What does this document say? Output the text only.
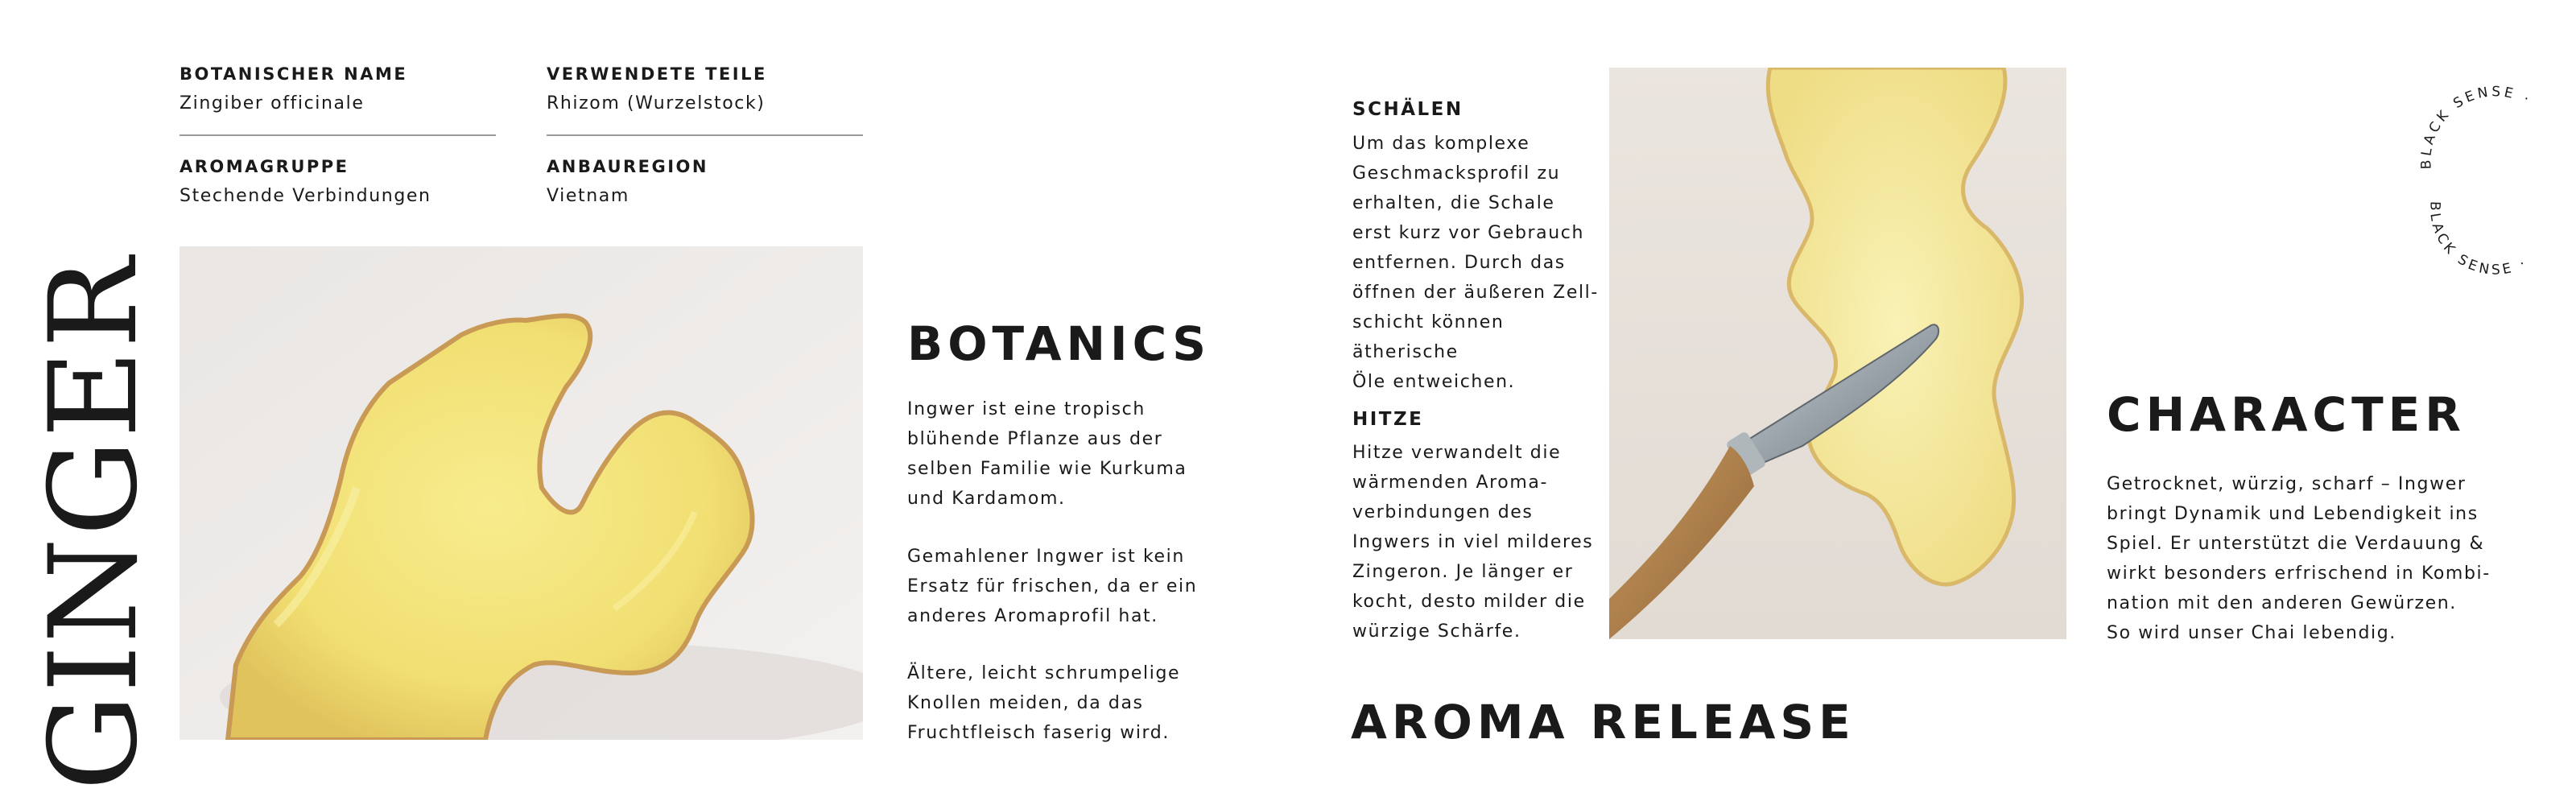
GINGER
BOTANISCHER NAME
Zingiber officinale
VERWENDETE TEILE
Rhizom (Wurzelstock)
AROMAGRUPPE
Stechende Verbindungen
ANBAUREGION
Vietnam
BOTANICS
Ingwer ist eine tropisch
blühende Pflanze aus der
selben Familie wie Kurkuma
und Kardamom.
Gemahlener Ingwer ist kein
Ersatz für frischen, da er ein
anderes Aromaprofil hat.
Ältere, leicht schrumpelige
Knollen meiden, da das
Fruchtfleisch faserig wird.
SCHÄLEN
Um das komplexe
Geschmacksprofil zu
erhalten, die Schale
erst kurz vor Gebrauch
entfernen. Durch das
öffnen der äußeren Zell-
schicht können ätherische
Öle entweichen.
HITZE
Hitze verwandelt die
wärmenden Aroma-
verbindungen des
Ingwers in viel milderes
Zingeron. Je länger er
kocht, desto milder die
würzige Schärfe.
AROMA RELEASE
CHARACTER
Getrocknet, würzig, scharf – Ingwer
bringt Dynamik und Lebendigkeit ins
Spiel. Er unterstützt die Verdauung &
wirkt besonders erfrischend in Kombi-
nation mit den anderen Gewürzen.
So wird unser Chai lebendig.
BLACK SENSE ·
BLACK SENSE ·
